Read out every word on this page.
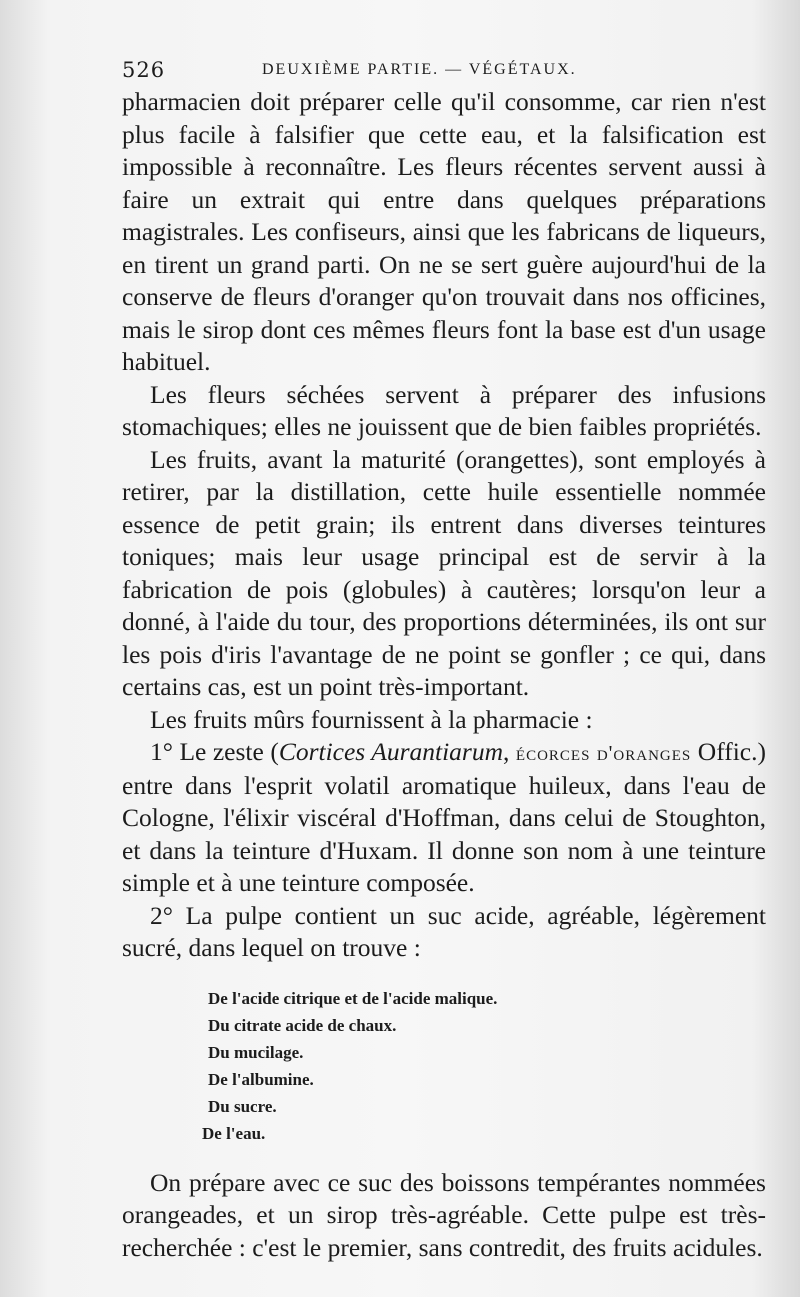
526	DEUXIÈME PARTIE. — VÉGÉTAUX.

pharmacien doit préparer celle qu'il consomme, car rien n'est plus facile à falsifier que cette eau, et la falsification est impossible à reconnaître. Les fleurs récentes servent aussi à faire un extrait qui entre dans quelques préparations magistrales. Les confiseurs, ainsi que les fabricans de liqueurs, en tirent un grand parti. On ne se sert guère aujourd'hui de la conserve de fleurs d'oranger qu'on trouvait dans nos officines, mais le sirop dont ces mêmes fleurs font la base est d'un usage habituel.

Les fleurs séchées servent à préparer des infusions stomachiques; elles ne jouissent que de bien faibles propriétés.

Les fruits, avant la maturité (orangettes), sont employés à retirer, par la distillation, cette huile essentielle nommée essence de petit grain; ils entrent dans diverses teintures toniques; mais leur usage principal est de servir à la fabrication de pois (globules) à cautères; lorsqu'on leur a donné, à l'aide du tour, des proportions déterminées, ils ont sur les pois d'iris l'avantage de ne point se gonfler ; ce qui, dans certains cas, est un point très-important.

Les fruits mûrs fournissent à la pharmacie :

1° Le zeste (Cortices Aurantiarum, écorces d'oranges Offic.) entre dans l'esprit volatil aromatique huileux, dans l'eau de Cologne, l'élixir viscéral d'Hoffman, dans celui de Stoughton, et dans la teinture d'Huxam. Il donne son nom à une teinture simple et à une teinture composée.

2° La pulpe contient un suc acide, agréable, légèrement sucré, dans lequel on trouve :

De l'acide citrique et de l'acide malique.
Du citrate acide de chaux.
Du mucilage.
De l'albumine.
Du sucre.
De l'eau.

On prépare avec ce suc des boissons tempérantes nommées orangeades, et un sirop très-agréable. Cette pulpe est très-recherchée : c'est le premier, sans contredit, des fruits acidules.
